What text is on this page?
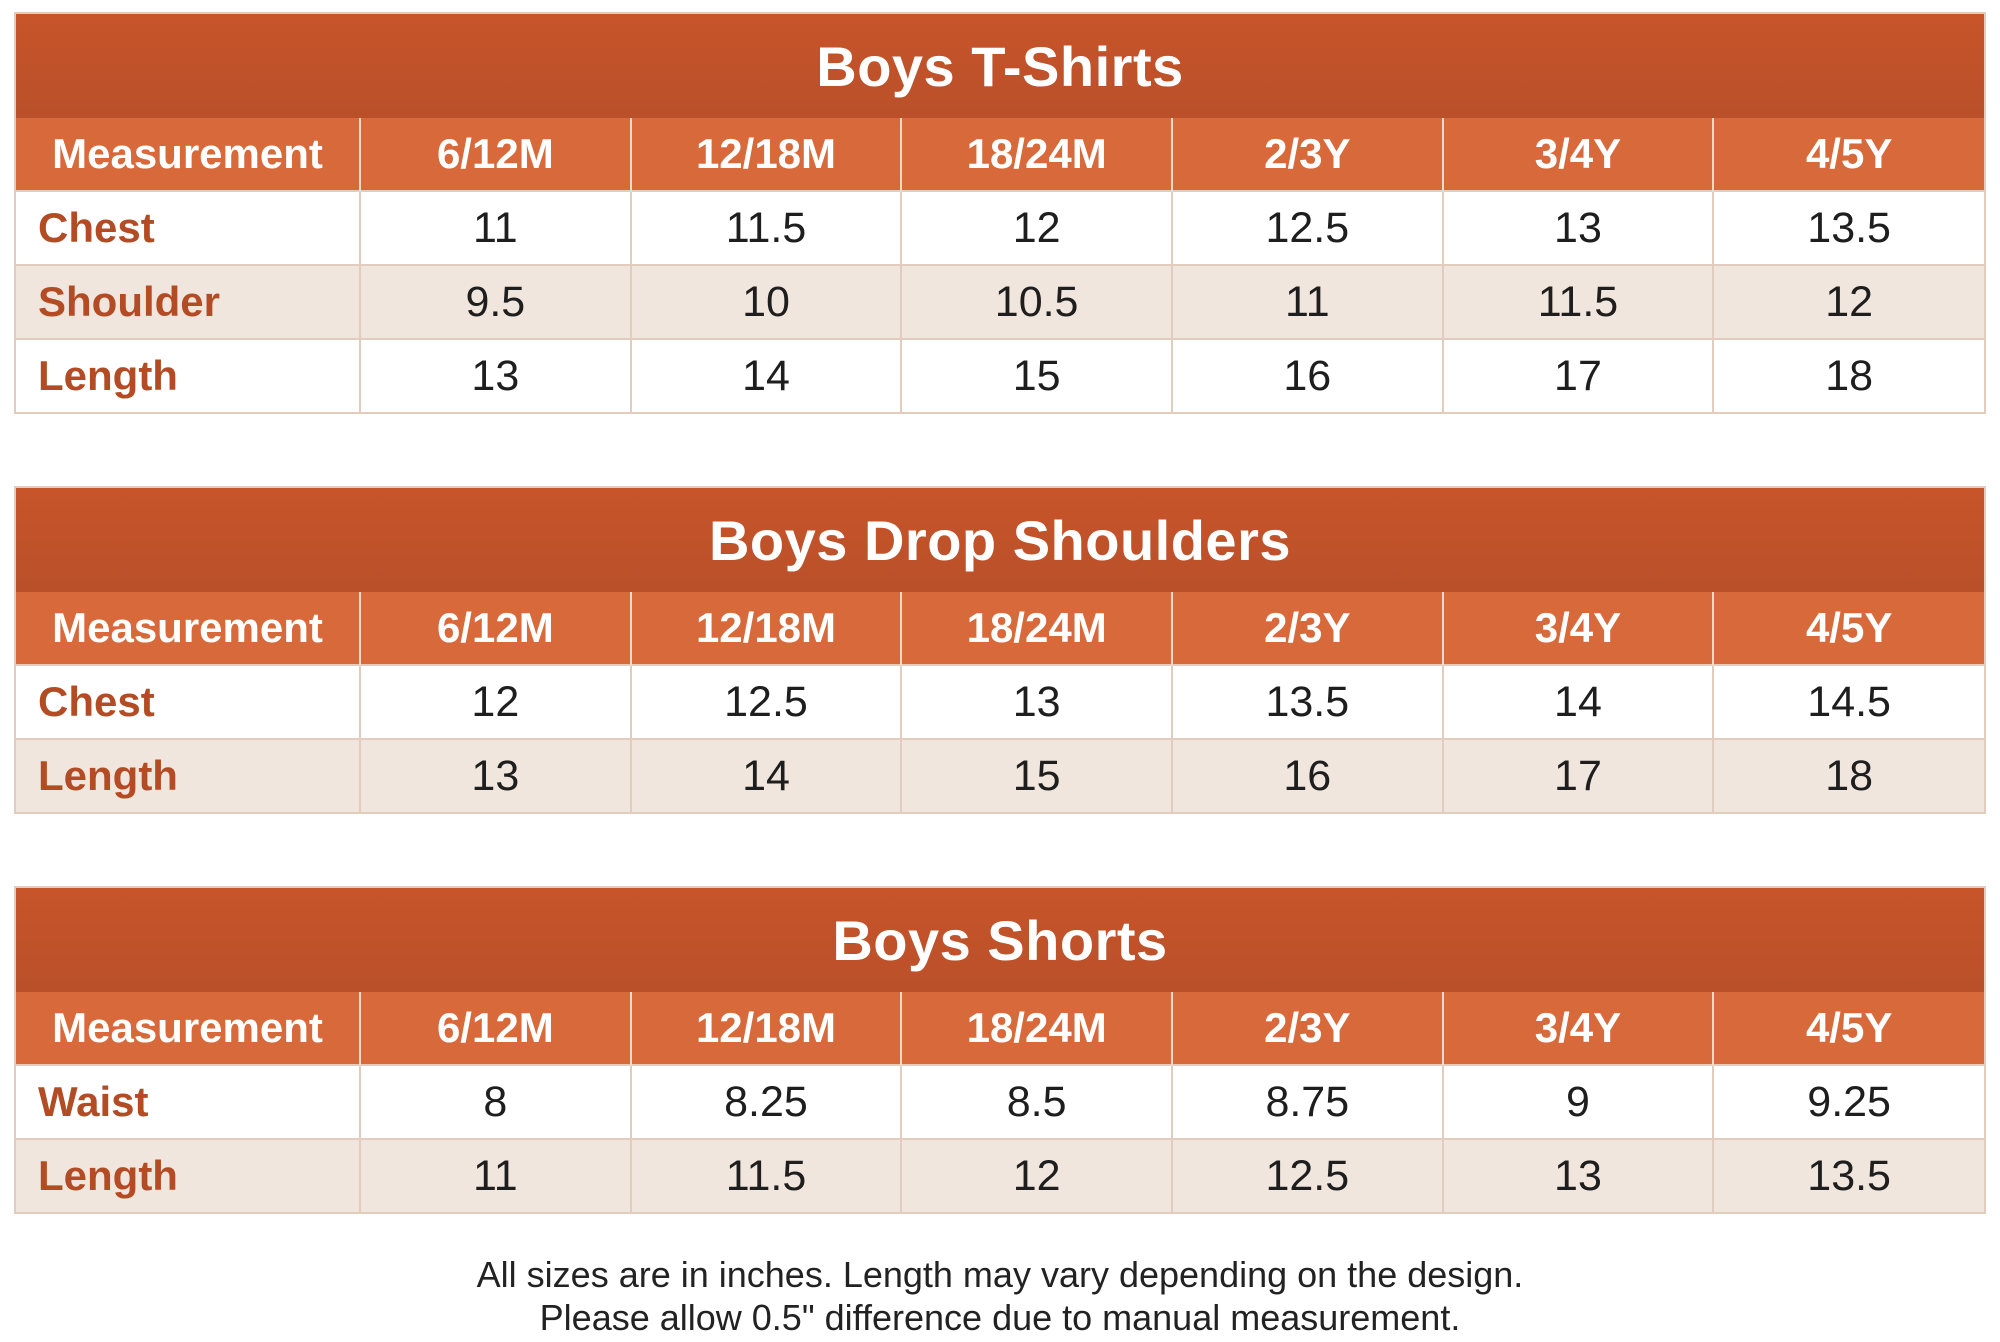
Boys T-Shirts
Measurement	6/12M	12/18M	18/24M	2/3Y	3/4Y	4/5Y
Chest	11	11.5	12	12.5	13	13.5
Shoulder	9.5	10	10.5	11	11.5	12
Length	13	14	15	16	17	18
Boys Drop Shoulders
Measurement	6/12M	12/18M	18/24M	2/3Y	3/4Y	4/5Y
Chest	12	12.5	13	13.5	14	14.5
Length	13	14	15	16	17	18
Boys Shorts
Measurement	6/12M	12/18M	18/24M	2/3Y	3/4Y	4/5Y
Waist	8	8.25	8.5	8.75	9	9.25
Length	11	11.5	12	12.5	13	13.5
All sizes are in inches. Length may vary depending on the design.
Please allow 0.5" difference due to manual measurement.
